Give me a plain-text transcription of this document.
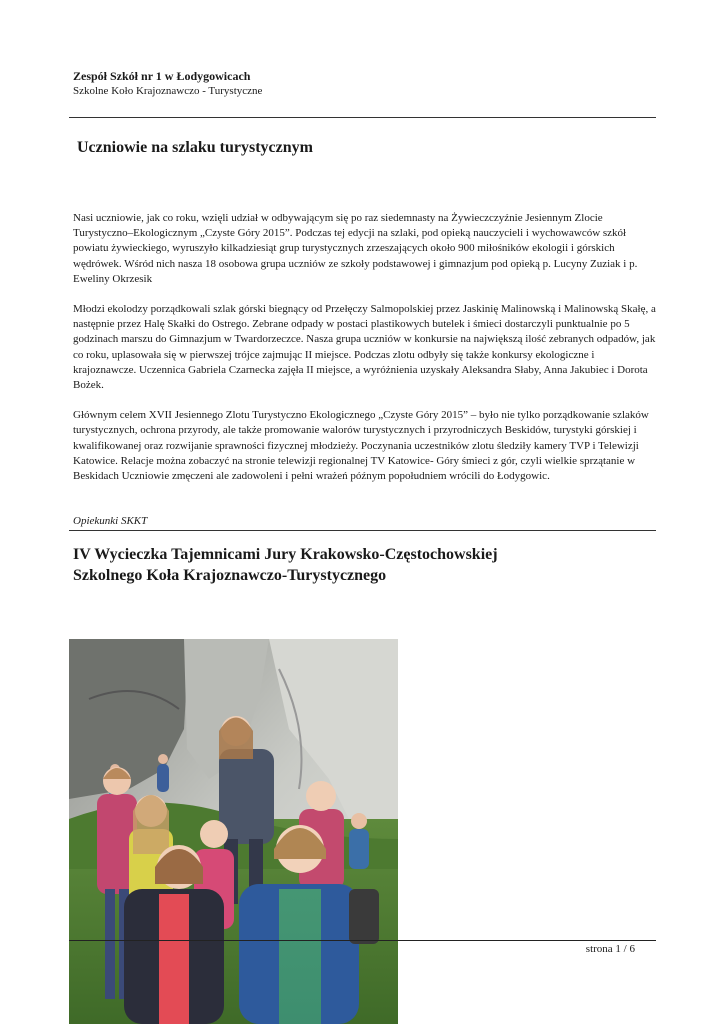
Zespół Szkół nr 1 w Łodygowicach
Szkolne Koło Krajoznawczo - Turystyczne
Uczniowie na szlaku turystycznym

Nasi uczniowie, jak co roku, wzięli udział w odbywającym się po raz siedemnasty na Żywieczczyźnie Jesiennym Zlocie Turystyczno–Ekologicznym „Czyste Góry 2015”. Podczas tej edycji na szlaki, pod opieką nauczycieli i wychowawców szkół powiatu żywieckiego, wyruszyło kilkadziesiąt grup turystycznych zrzeszających około 900 miłośników ekologii i górskich wędrówek. Wśród nich nasza 18 osobowa grupa uczniów ze szkoły podstawowej i gimnazjum pod opieką p. Lucyny Zuziak i p. Eweliny Okrzesik

Młodzi ekolodzy porządkowali szlak górski biegnący od Przełęczy Salmopolskiej przez Jaskinię Malinowską i Malinowską Skałę, a następnie przez Halę Skałki do Ostrego. Zebrane odpady w postaci plastikowych butelek i śmieci dostarczyli punktualnie po 5 godzinach marszu do Gimnazjum w Twardorzeczce. Nasza grupa uczniów w konkursie na największą ilość zebranych odpadów, jak co roku, uplasowała się w pierwszej trójce zajmując II miejsce. Podczas zlotu odbyły się także konkursy ekologiczne i krajoznawcze. Uczennica Gabriela Czarnecka zajęła II miejsce, a wyróżnienia uzyskały Aleksandra Słaby, Anna Jakubiec i Dorota Bożek.

Głównym celem XVII Jesiennego Zlotu Turystyczno Ekologicznego „Czyste Góry 2015” – było nie tylko porządkowanie szlaków turystycznych, ochrona przyrody, ale także promowanie walorów turystycznych i przyrodniczych Beskidów, turystyki górskiej i kwalifikowanej oraz rozwijanie sprawności fizycznej młodzieży. Poczynania uczestników zlotu śledziły kamery TVP i Telewizji Katowice. Relacje można zobaczyć na stronie telewizji regionalnej TV Katowice- Góry śmieci z gór, czyli wielkie sprzątanie w Beskidach Uczniowie zmęczeni ale zadowoleni i pełni wrażeń późnym popołudniem wrócili do Łodygowic.

Opiekunki SKKT
IV Wycieczka Tajemnicami Jury Krakowsko-Częstochowskiej
Szkolnego Koła Krajoznawczo-Turystycznego
strona 1 / 6
